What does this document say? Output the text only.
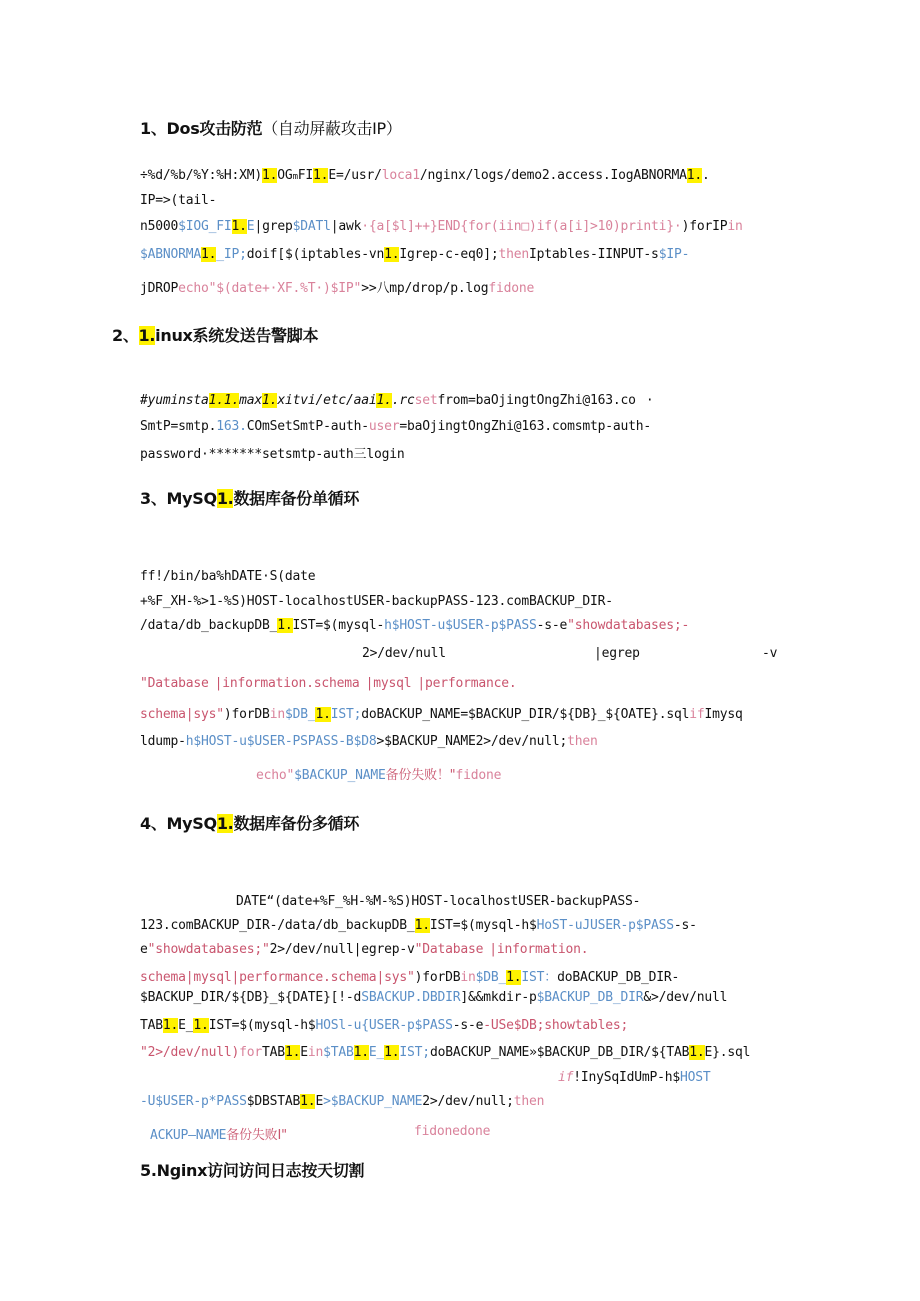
1、Dos攻击防范（自动屏蔽攻击IP）
÷%d/%b/%Y:%H:XM)1.OGmFI1.E=/usr/loca1/nginx/logs/demo2.access.IogABNORMA1..
IP=>(tail-
n5000$IOG_FI1.E|grep$DATl|awk·{a[$l]++}END{for(iin□)if(a[i]>10)printi}·)forIPin
$ABNORMA1._IP;doif[$(iptables-vn1.Igrep-c-eq0];thenIptables-IINPUT-s$IP-
jDROPecho"$(date+·XF.%T·)$IP">>八mp/drop/p.logfidone
2、1.inux系统发送告警脚本
#yuminsta1.1.max1.xitvi/etc/aai1..rcsetfrom=baOjingtOngZhi@163.co ·
SmtP=smtp.163.COmSetSmtP-auth-user=baOjingtOngZhi@163.comsmtp-auth-
password·*******setsmtp-auth三login
3、MySQ1.数据库备份单循环
ff!/bin/ba%hDATE·S(date
+%F_XH-%>1-%S)HOST-localhostUSER-backupPASS-123.comBACKUP_DIR-
/data/db_backupDB_1.IST=$(mysql-h$HOST-u$USER-p$PASS-s-e"showdatabases;-
2>/dev/null	|egrep	-v
"Database |information.schema |mysql |performance.
schema|sys")forDBin$DB_1.IST;doBACKUP_NAME=$BACKUP_DIR/${DB}_${OATE}.sqlifImysq
ldump-h$HOST-u$USER-PSPASS-B$D8>$BACKUP_NAME2>/dev/null;then
echo"$BACKUP_NAME备份失败！"fidone
4、MySQ1.数据库备份多循环
DATE“(date+%F_%H-%M-%S)HOST-localhostUSER-backupPASS-
123.comBACKUP_DIR-/data/db_backupDB_1.IST=$(mysql-h$HoST-uJUSER-p$PASS-s-
e"showdatabases;"2>/dev/null|egrep-v"Database |information.
schema|mysql|performance.schema|sys")forDBin$DB_1.IST：doBACKUP_DB_DIR-
$BACKUP_DIR/${DB}_${DATE}[!-dSBACKUP.DBDIR]&&mkdir-p$BACKUP_DB_DIR&>/dev/null
TAB1.E_1.IST=$(mysql-h$HOSl-u{USER-p$PASS-s-e-USe$DB;showtables;
"2>/dev/null)forTAB1.Ein$TAB1.E_1.IST;doBACKUP_NAME»$BACKUP_DB_DIR/${TAB1.E}.sql
if!InySqIdUmP-h$HOST
-U$USER-p*PASS$DBSTAB1.E>$BACKUP_NAME2>/dev/null;then
ACKUP—NAME备份失败I"	fidonedone
5.Nginx访问访问日志按天切割
